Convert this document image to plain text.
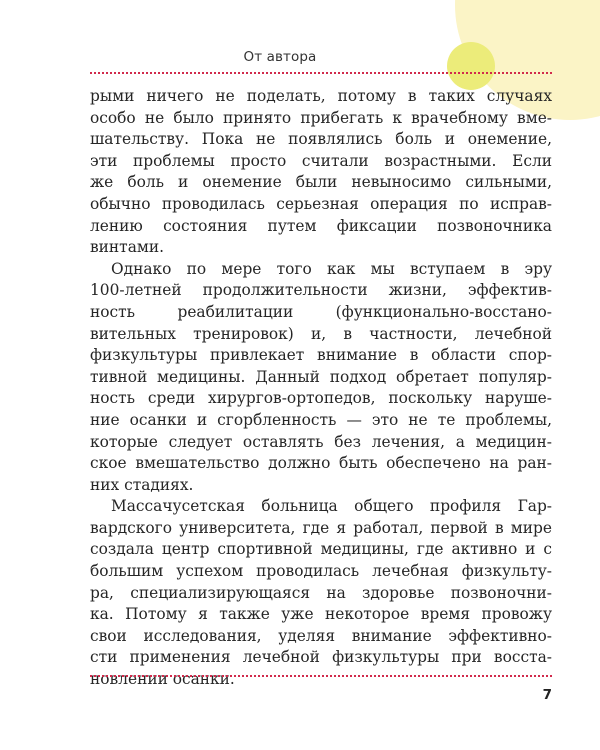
От автора

рыми ничего не поделать, потому в таких случаях
особо не было принято прибегать к врачебному вме-
шательству. Пока не появлялись боль и онемение,
эти проблемы просто считали возрастными. Если
же боль и онемение были невыносимо сильными,
обычно проводилась серьезная операция по исправ-
лению состояния путем фиксации позвоночника
винтами.

Однако по мере того как мы вступаем в эру
100-летней продолжительности жизни, эффектив-
ность реабилитации (функционально-восстано-
вительных тренировок) и, в частности, лечебной
физкультуры привлекает внимание в области спор-
тивной медицины. Данный подход обретает популяр-
ность среди хирургов-ортопедов, поскольку наруше-
ние осанки и сгорбленность — это не те проблемы,
которые следует оставлять без лечения, а медицин-
ское вмешательство должно быть обеспечено на ран-
них стадиях.

Массачусетская больница общего профиля Гар-
вардского университета, где я работал, первой в мире
создала центр спортивной медицины, где активно и с
большим успехом проводилась лечебная физкульту-
ра, специализирующаяся на здоровье позвоночни-
ка. Потому я также уже некоторое время провожу
свои исследования, уделяя внимание эффективно-
сти применения лечебной физкультуры при восста-
новлении осанки.

7
